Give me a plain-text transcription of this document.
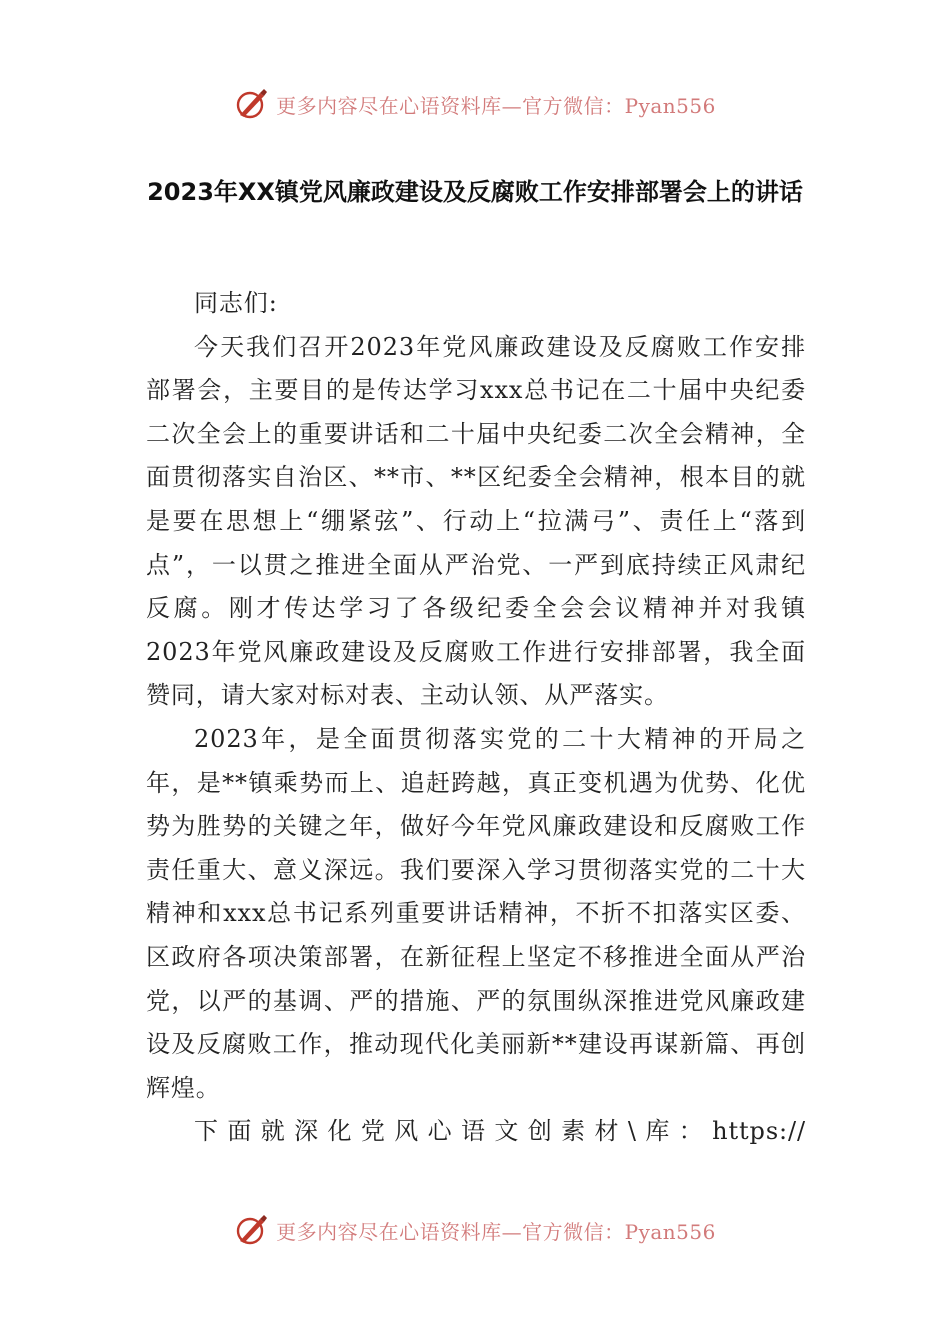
更多内容尽在心语资料库—官方微信：Pyan556
2023年XX镇党风廉政建设及反腐败工作安排部署会上的讲话

同志们:

今天我们召开2023年党风廉政建设及反腐败工作安排部署会，主要目的是传达学习xxx总书记在二十届中央纪委二次全会上的重要讲话和二十届中央纪委二次全会精神，全面贯彻落实自治区、**市、**区纪委全会精神，根本目的就是要在思想上“绷紧弦”、行动上“拉满弓”、责任上“落到点”，一以贯之推进全面从严治党、一严到底持续正风肃纪反腐。刚才传达学习了各级纪委全会会议精神并对我镇2023年党风廉政建设及反腐败工作进行安排部署，我全面赞同，请大家对标对表、主动认领、从严落实。

2023年，是全面贯彻落实党的二十大精神的开局之年，是**镇乘势而上、追赶跨越，真正变机遇为优势、化优势为胜势的关键之年，做好今年党风廉政建设和反腐败工作责任重大、意义深远。我们要深入学习贯彻落实党的二十大精神和xxx总书记系列重要讲话精神，不折不扣落实区委、区政府各项决策部署，在新征程上坚定不移推进全面从严治党，以严的基调、严的措施、严的氛围纵深推进党风廉政建设及反腐败工作，推动现代化美丽新**建设再谋新篇、再创辉煌。

下面就深化党风心语文创素材\库：https://

更多内容尽在心语资料库—官方微信：Pyan556
